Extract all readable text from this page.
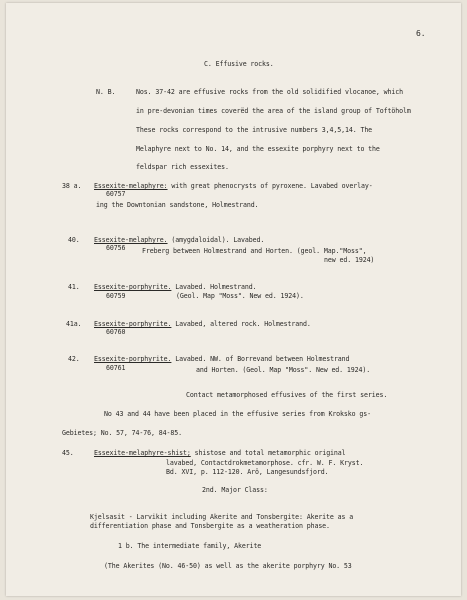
6.
C. Effusive rocks.
N. B.	Nos. 37-42 are effusive rocks from the old solidified vlocanoe, which
in pre-devonian times coverëd the area of the island group of Toftöholm
These rocks correspond to the intrusive numbers 3,4,5,14. The
Melaphyre next to No. 14, and the essexite porphyry next to the
feldspar rich essexites.
38 a. Essexite-melaphyre: with great phenocrysts of pyroxene. Lavabed overlay-
60757
ing the Downtonian sandstone, Holmestrand.
40. Essexite-melaphyre. (amygdaloidal). Lavabed.
60756	Freberg between Holmestrand and Horten. (geol. Map."Moss",
new ed. 1924)
41. Essexite-porphyrite. Lavabed. Holmestrand.
60759	(Geol. Map "Moss". New ed. 1924).
41a. Essexite-porphyrite. Lavabed, altered rock. Holmestrand.
60760
42. Essexite-porphyrite. Lavabed. NW. of Borrevand between Holmestrand
60761	and Horten. (Geol. Map "Moss". New ed. 1924).
Contact metamorphosed effusives of the first series.
No 43 and 44 have been placed in the effusive series from Kroksko gs-
Gebietes; No. 57, 74-76, 84-85.
45.	Essexite-melaphyre-shist; shistose and total metamorphic original
lavabed, Contactdrokmetamorphose. cfr. W. F. Kryst.
Bd. XVI, p. 112-120. Arö, Langesundsfjord.
2nd. Major Class:
Kjelsasit - Larvikit including Akerite and Tonsbergite: Akerite as a
differentiation phase and Tonsbergite as a weatheration phase.
1 b. The intermediate family, Akerite
(The Akerites (No. 46-50) as well as the akerite porphyry No. 53
